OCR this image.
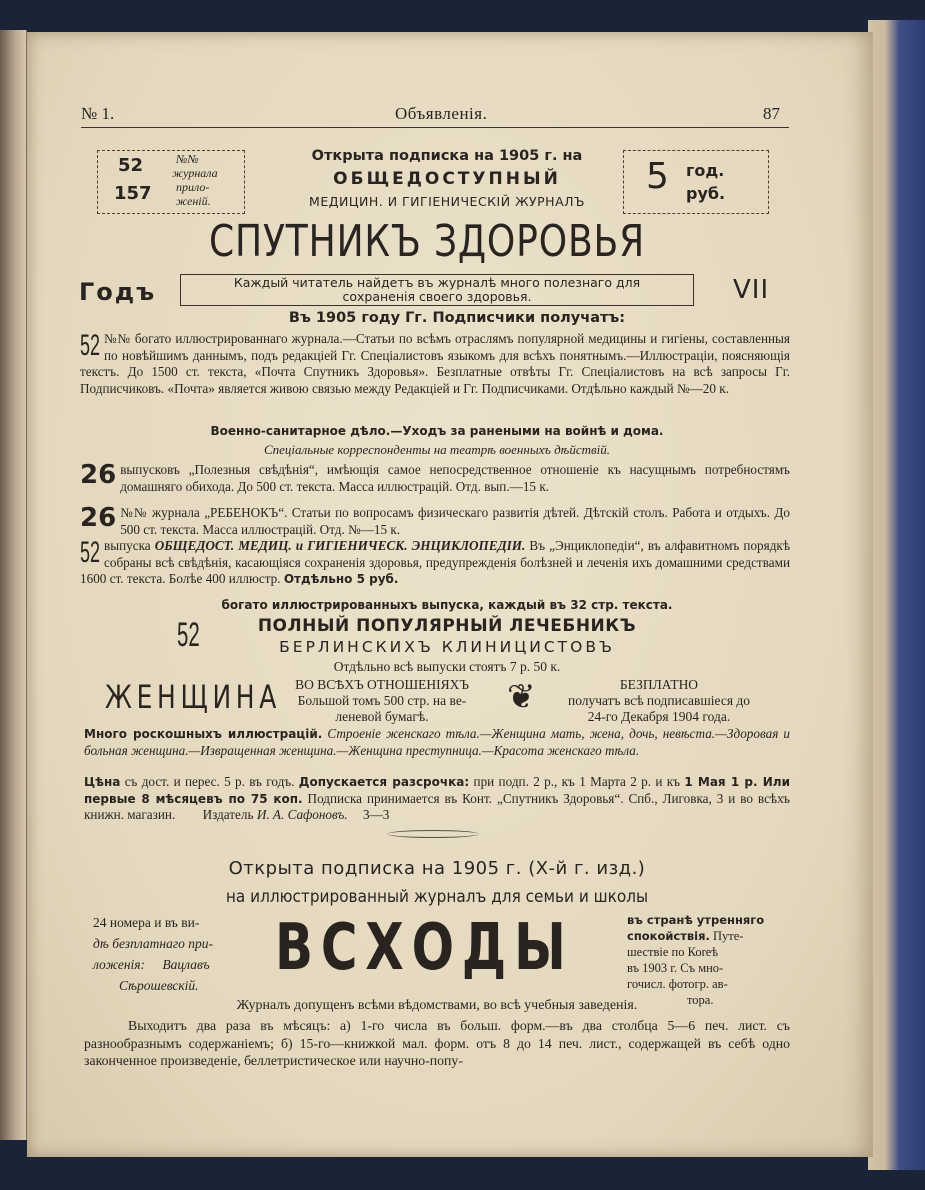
№ 1.	Объявленія.	87
52
157
№№
журнала
прило-
женій.
Открыта подписка на 1905 г. на
ОБЩЕДОСТУПНЫЙ
МЕДИЦИН. И ГИГІЕНИЧЕСКІЙ ЖУРНАЛЪ
5 год.
руб.
СПУТНИКЪ ЗДОРОВЬЯ
Годъ	Каждый читатель найдетъ въ журналѣ много полезнаго для
сохраненія своего здоровья.	VII
Въ 1905 году Гг. Подписчики получатъ:
52 №№ богато иллюстрированнаго журнала.—Статьи по всѣмъ отраслямъ популярной медицины и гигіены, составленныя по новѣйшимъ даннымъ, подъ редакціей Гг. Спеціалистовъ языкомъ для всѣхъ понятнымъ.—Иллюстраціи, поясняющія текстъ. До 1500 ст. текста, «Почта Спутникъ Здоровья». Безплатные отвѣты Гг. Спеціалистовъ на всѣ запросы Гг. Подписчиковъ. «Почта» является живою связью между Редакціей и Гг. Подписчиками. Отдѣльно каждый №—20 к.
Военно-санитарное дѣло.—Уходъ за ранеными на войнѣ и дома.
Спеціальные корреспонденты на театрѣ военныхъ дѣйствій.
26 выпусковъ „Полезныя свѣдѣнія“, имѣющія самое непосредственное отношеніе къ насущнымъ потребностямъ домашняго обихода. До 500 ст. текста. Масса иллюстрацій. Отд. вып.—15 к.
26 №№ журнала „РЕБЕНОКЪ“. Статьи по вопросамъ физическаго развитія дѣтей. Дѣтскій столъ. Работа и отдыхъ. До 500 ст. текста. Масса иллюстрацій. Отд. №—15 к.
52 выпуска ОБЩЕДОСТ. МЕДИЦ. и ГИГІЕНИЧЕСК. ЭНЦИКЛОПЕДІИ. Въ „Энциклопедіи“, въ алфавитномъ порядкѣ собраны всѣ свѣдѣнія, касающіяся сохраненія здоровья, предупрежденія болѣзней и леченія ихъ домашними средствами 1600 ст. текста. Болѣе 400 иллюстр. Отдѣльно 5 руб.
богато иллюстрированныхъ выпуска, каждый въ 32 стр. текста.
52	ПОЛНЫЙ ПОПУЛЯРНЫЙ ЛЕЧЕБНИКЪ
БЕРЛИНСКИХЪ КЛИНИЦИСТОВЪ
Отдѣльно всѣ выпуски стоятъ 7 р. 50 к.
ЖЕНЩИНА	ВО ВСѢХЪ ОТНОШЕНІЯХЪ
Большой томъ 500 стр. на ве-
леневой бумагѣ.
❦	БЕЗПЛАТНО
получатъ всѣ подписавшіеся до
24-го Декабря 1904 года.
Много роскошныхъ иллюстрацій. Строеніе женскаго тѣла.—Женщина мать, жена, дочь, невѣста.—Здоровая и больная женщина.—Извращенная женщина.—Женщина преступница.—Красота женскаго тѣла.
Цѣна съ дост. и перес. 5 р. въ годъ. Допускается разсрочка: при подп. 2 р., къ 1 Марта 2 р. и къ 1 Мая 1 р. Или первые 8 мѣсяцевъ по 75 коп. Подписка принимается въ Конт. „Спутникъ Здоровья“. Спб., Лиговка, 3 и во всѣхъ книжн. магазин. Издатель И. А. Сафоновъ. 3—3
Открыта подписка на 1905 г. (Х-й г. изд.)
на иллюстрированный журналъ для семьи и школы
24 номера и въ ви-
дѣ безплатнаго при-
ложенія: Вацлавъ
Сѣрошевскій.
ВСХОДЫ	въ странѣ утренняго
спокойствія. Путе-
шествіе по Коreѣ
въ 1903 г. Съ мно-
гочисл. фотогр. ав-
тора.
Журналъ допущенъ всѣми вѣдомствами, во всѣ учебныя заведенія.
Выходитъ два раза въ мѣсяцъ: а) 1-го числа въ больш. форм.—въ два столбца 5—6 печ. лист. съ разнообразнымъ содержаніемъ; б) 15-го—книжкой мал. форм. отъ 8 до 14 печ. лист., содержащей въ себѣ одно законченное произведеніе, беллетристическое или научно-попу-
